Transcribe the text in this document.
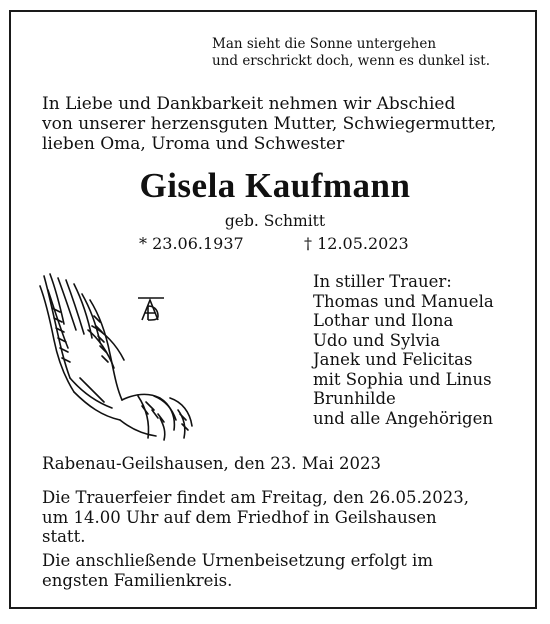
Man sieht die Sonne untergehen
und erschrickt doch, wenn es dunkel ist.
In Liebe und Dankbarkeit nehmen wir Abschied
von unserer herzensguten Mutter, Schwiegermutter,
lieben Oma, Uroma und Schwester
Gisela Kaufmann
geb. Schmitt
* 23.06.1937	† 12.05.2023
In stiller Trauer:
Thomas und Manuela
Lothar und Ilona
Udo und Sylvia
Janek und Felicitas
mit Sophia und Linus
Brunhilde
und alle Angehörigen
Rabenau-Geilshausen, den 23. Mai 2023
Die Trauerfeier findet am Freitag, den 26.05.2023,
um 14.00 Uhr auf dem Friedhof in Geilshausen
statt.
Die anschließende Urnenbeisetzung erfolgt im
engsten Familienkreis.
